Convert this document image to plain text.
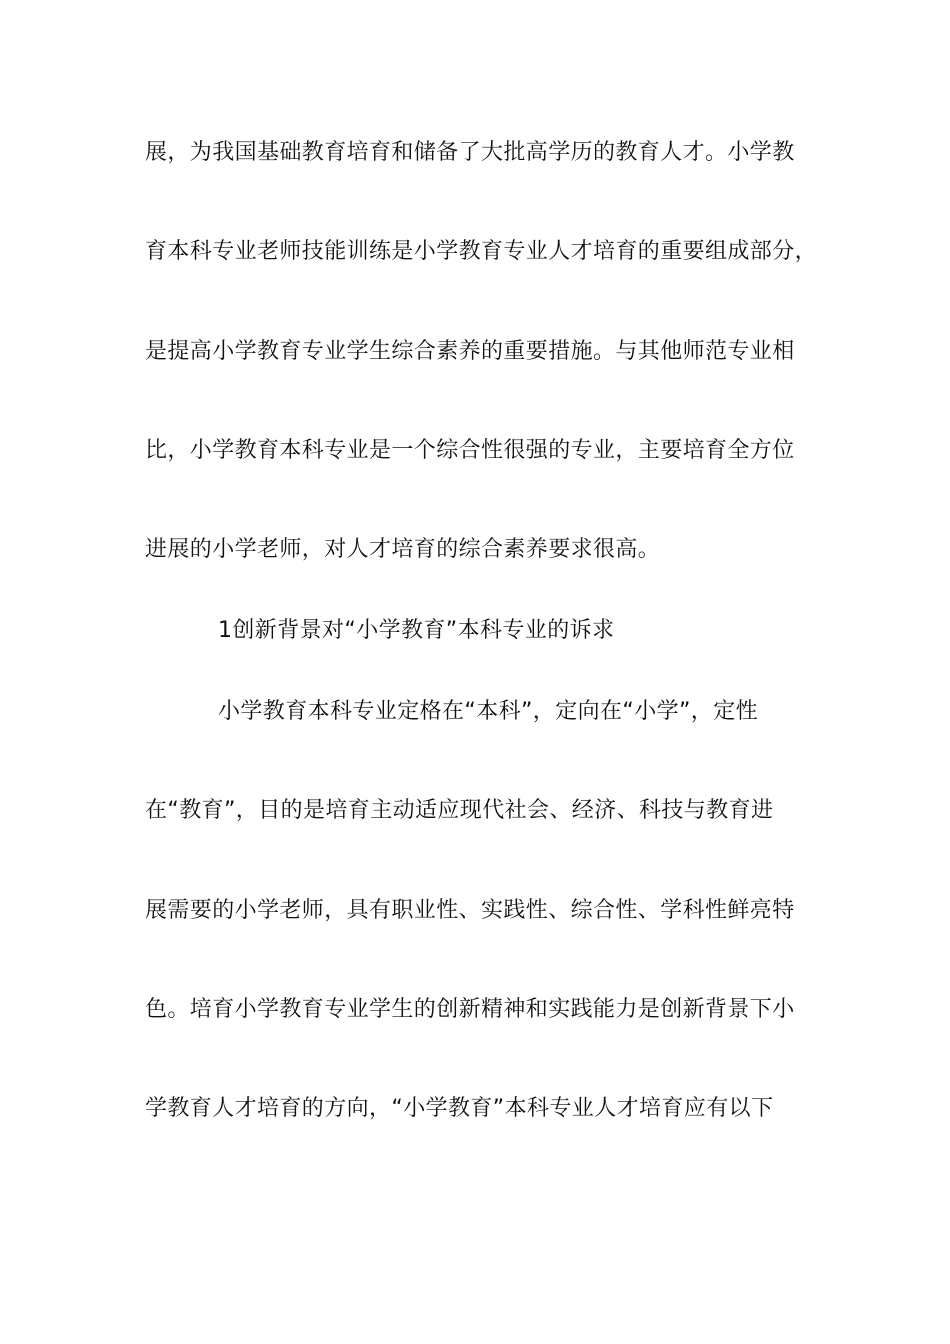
展，为我国基础教育培育和储备了大批高学历的教育人才。小学教
育本科专业老师技能训练是小学教育专业人才培育的重要组成部分，
是提高小学教育专业学生综合素养的重要措施。与其他师范专业相
比，小学教育本科专业是一个综合性很强的专业，主要培育全方位
进展的小学老师，对人才培育的综合素养要求很高。
1创新背景对“小学教育”本科专业的诉求
小学教育本科专业定格在“本科”，定向在“小学”，定性
在“教育”，目的是培育主动适应现代社会、经济、科技与教育进
展需要的小学老师，具有职业性、实践性、综合性、学科性鲜亮特
色。培育小学教育专业学生的创新精神和实践能力是创新背景下小
学教育人才培育的方向，“小学教育”本科专业人才培育应有以下
